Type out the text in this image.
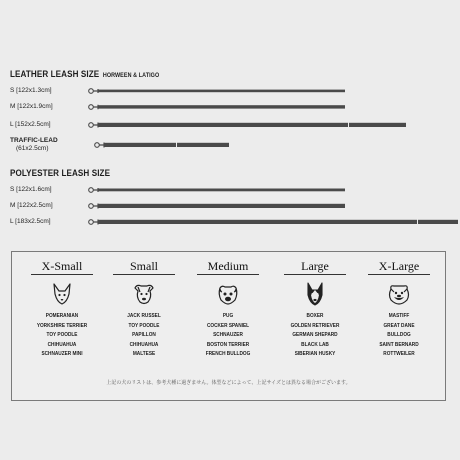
LEATHER LEASH SIZE HORWEEN & LATIGO
S [122x1.3cm]
M [122x1.9cm]
L [152x2.5cm]
TRAFFIC-LEAD
(61x2.5cm)
POLYESTER LEASH SIZE
S [122x1.6cm]
M [122x2.5cm]
L [183x2.5cm]
X-Small
POMERANIAN
YORKSHIRE TERRIER
TOY POODLE
CHIHUAHUA
SCHNAUZER MINI
Small
JACK RUSSEL
TOY POODLE
PAPILLON
CHIHUAHUA
MALTESE
Medium
PUG
COCKER SPANIEL
SCHNAUZER
BOSTON TERRIER
FRENCH BULLDOG
Large
BOXER
GOLDEN RETRIEVER
GERMAN SHEPARD
BLACK LAB
SIBERIAN HUSKY
X-Large
MASTIFF
GREAT DANE
BULLDOG
SAINT BERNARD
ROTTWEILER
上記の犬のリストは、参考犬種に過ぎません。体型などによって、上記サイズとは異なる場合がございます。
